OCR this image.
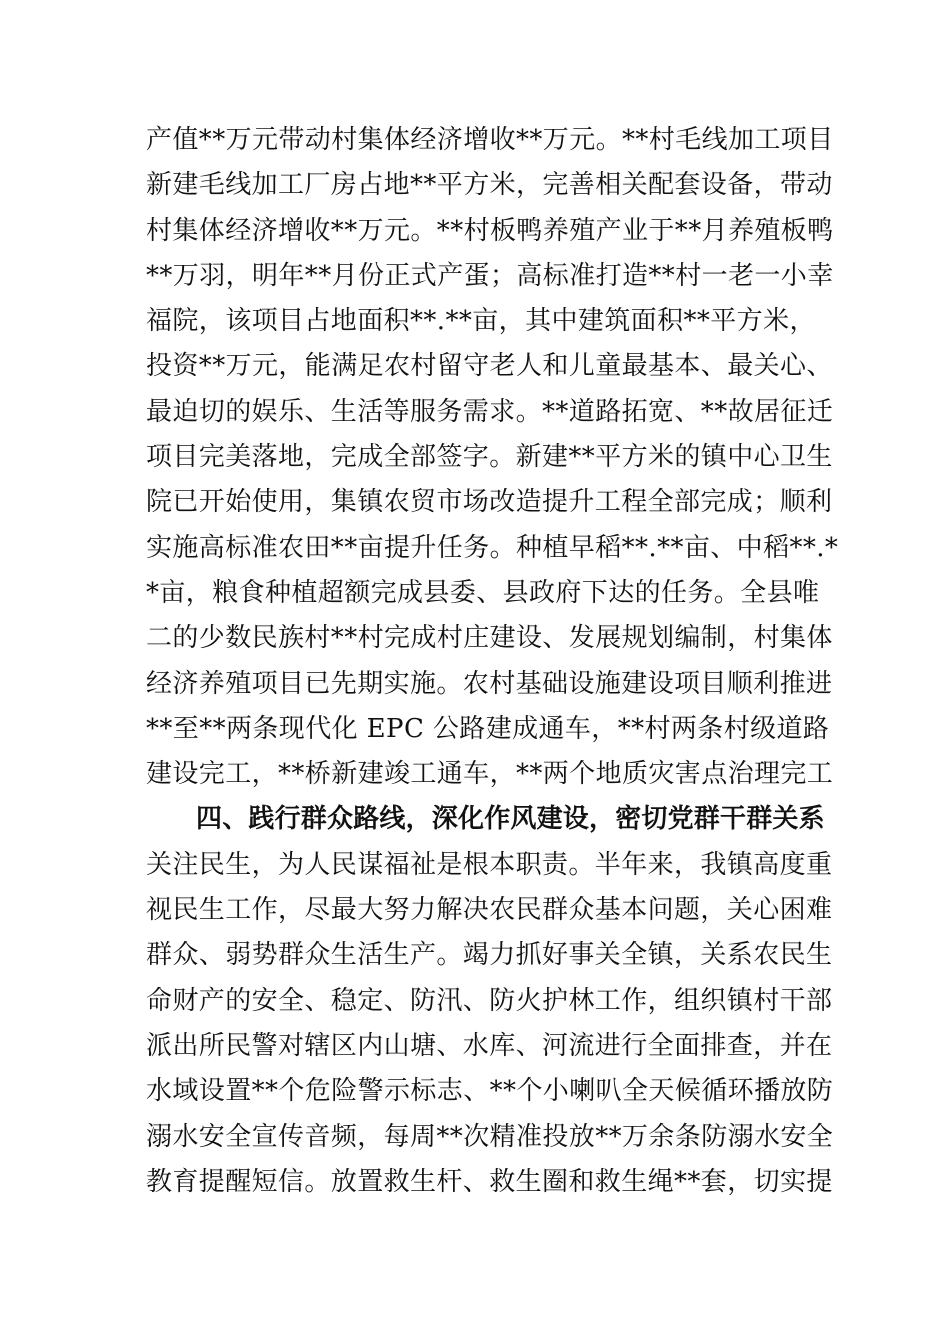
产值**万元带动村集体经济增收**万元。**村毛线加工项目
新建毛线加工厂房占地**平方米，完善相关配套设备，带动
村集体经济增收**万元。**村板鸭养殖产业于**月养殖板鸭
**万羽，明年**月份正式产蛋；高标准打造**村一老一小幸
福院，该项目占地面积**.**亩，其中建筑面积**平方米，
投资**万元，能满足农村留守老人和儿童最基本、最关心、
最迫切的娱乐、生活等服务需求。**道路拓宽、**故居征迁
项目完美落地，完成全部签字。新建**平方米的镇中心卫生
院已开始使用，集镇农贸市场改造提升工程全部完成；顺利
实施高标准农田**亩提升任务。种植早稻**.**亩、中稻**.*
*亩，粮食种植超额完成县委、县政府下达的任务。全县唯
二的少数民族村**村完成村庄建设、发展规划编制，村集体
经济养殖项目已先期实施。农村基础设施建设项目顺利推进
**至**两条现代化 EPC 公路建成通车，**村两条村级道路
建设完工，**桥新建竣工通车，**两个地质灾害点治理完工
四、践行群众路线，深化作风建设，密切党群干群关系
关注民生，为人民谋福祉是根本职责。半年来，我镇高度重
视民生工作，尽最大努力解决农民群众基本问题，关心困难
群众、弱势群众生活生产。竭力抓好事关全镇，关系农民生
命财产的安全、稳定、防汛、防火护林工作，组织镇村干部
派出所民警对辖区内山塘、水库、河流进行全面排查，并在
水域设置**个危险警示标志、**个小喇叭全天候循环播放防
溺水安全宣传音频，每周**次精准投放**万余条防溺水安全
教育提醒短信。放置救生杆、救生圈和救生绳**套，切实提
